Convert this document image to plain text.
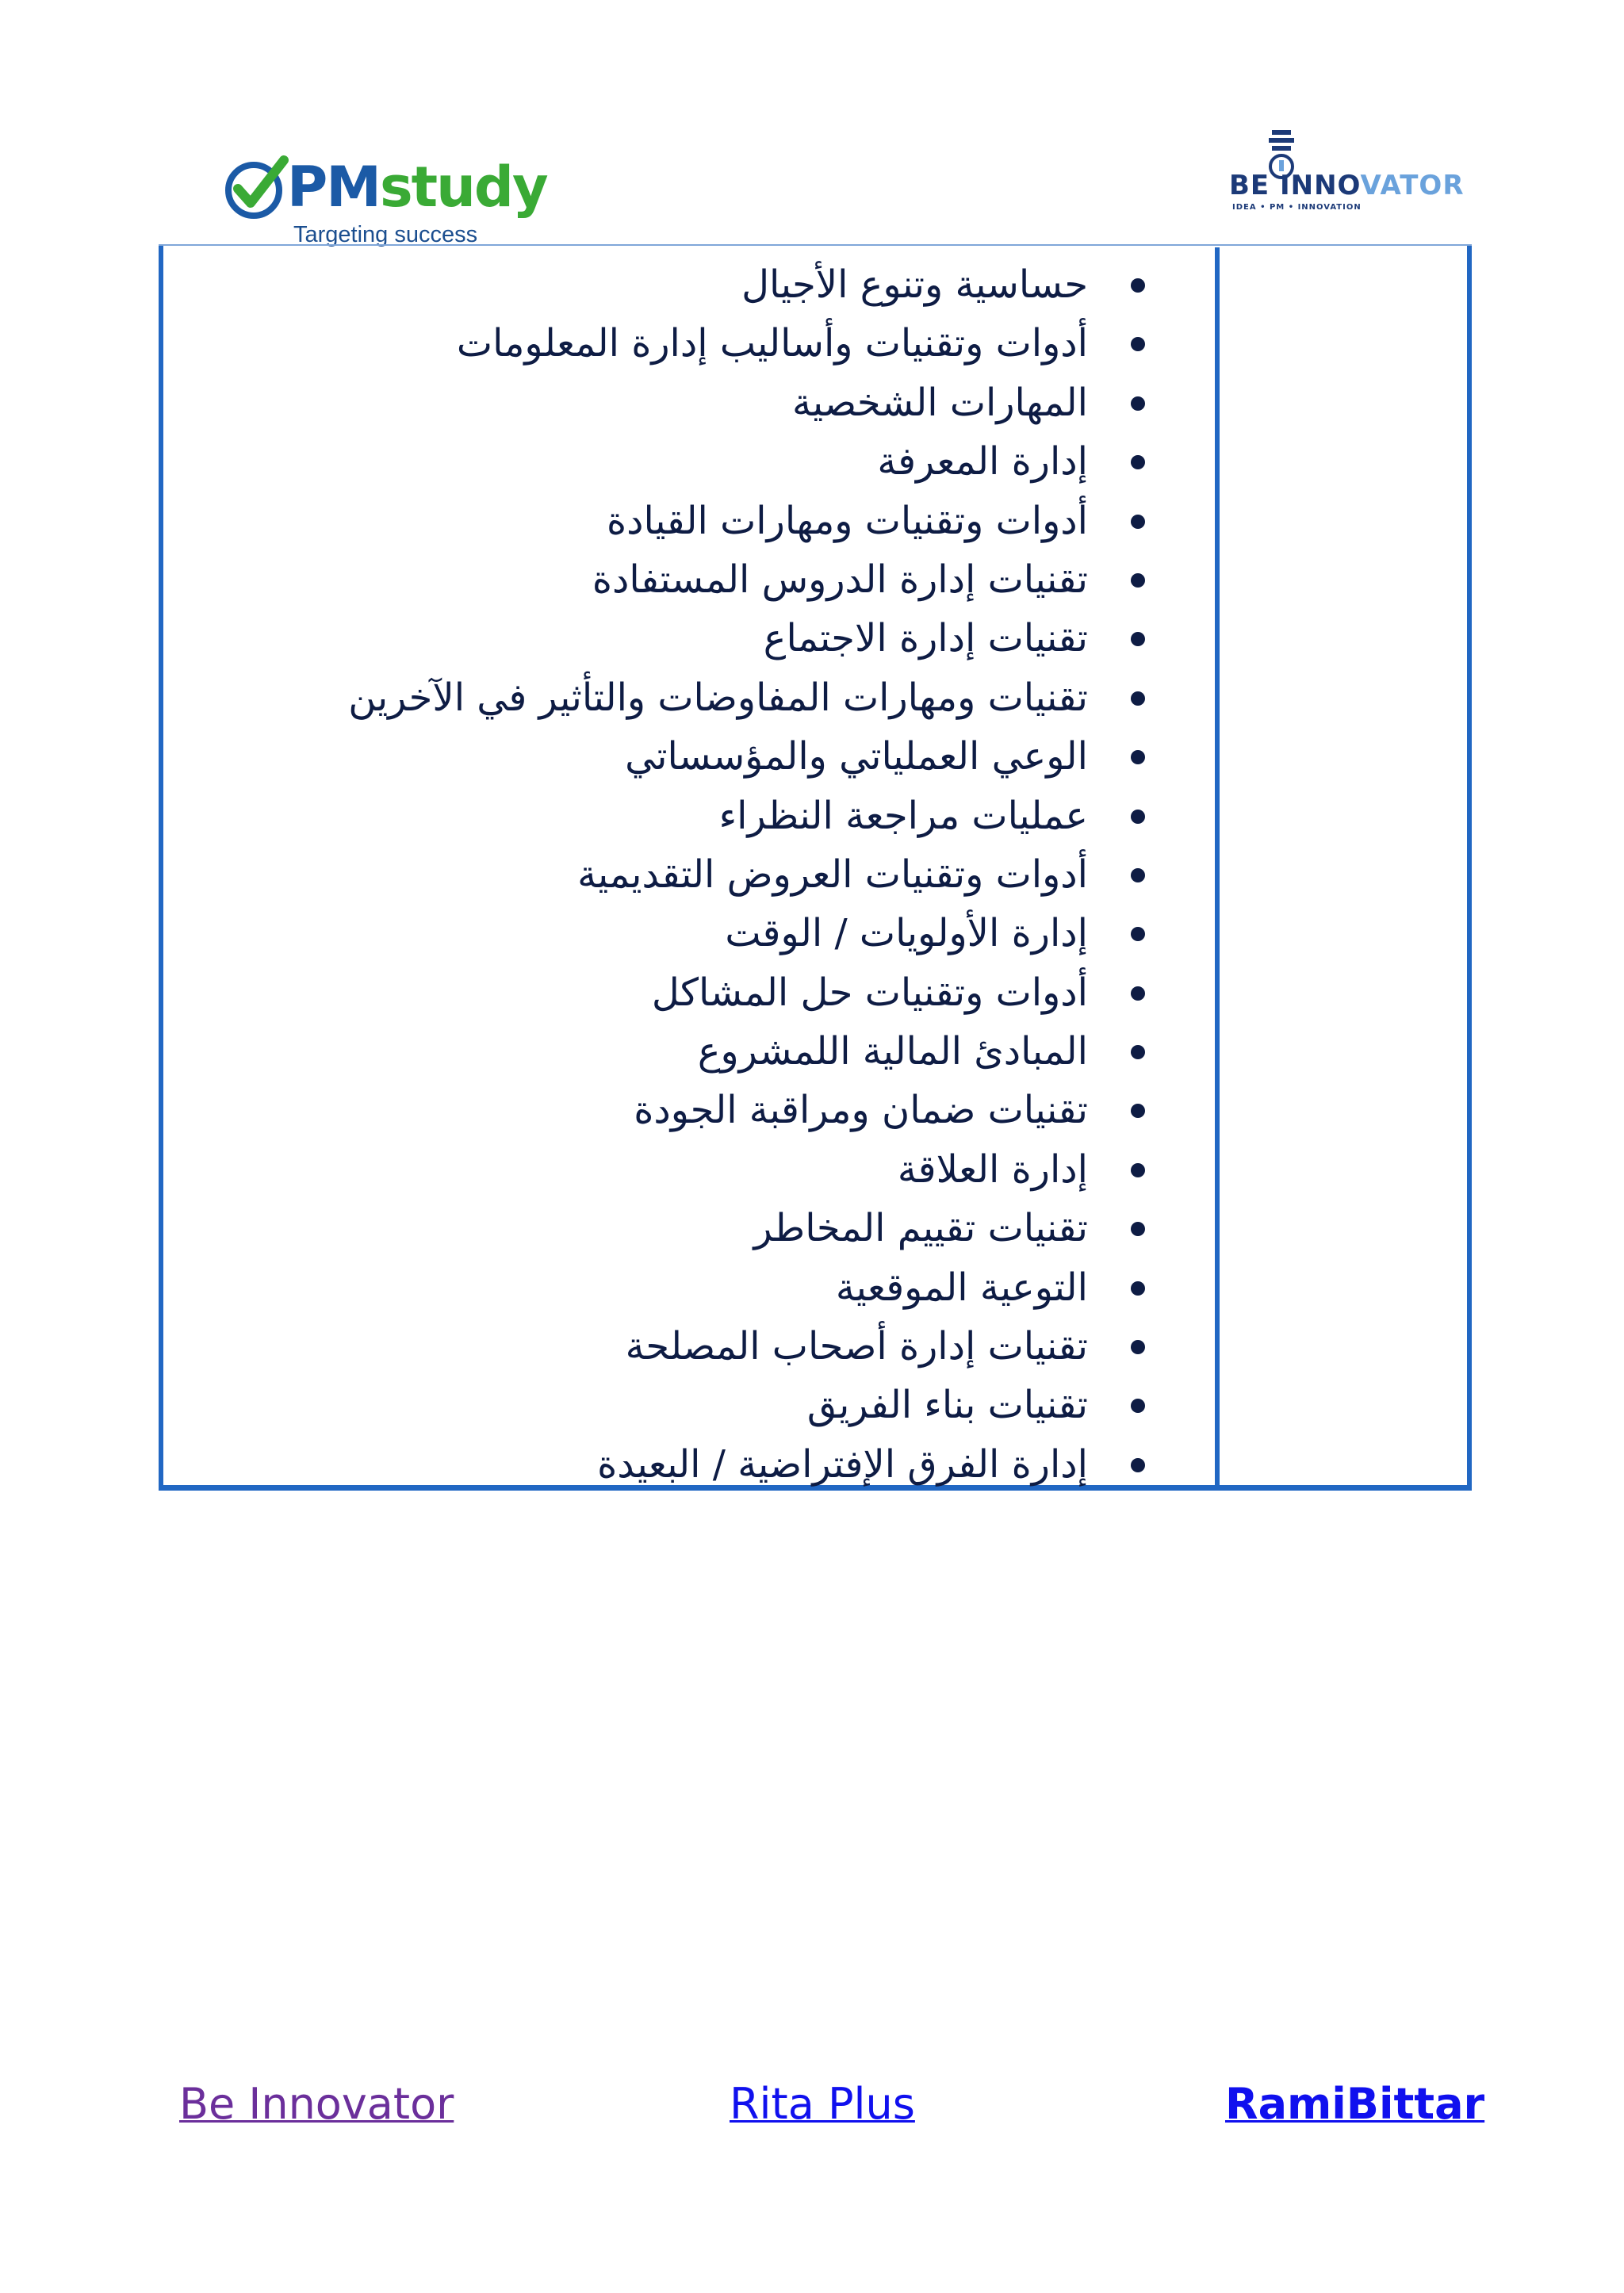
PMstudy
Targeting success
BE INNOVATOR
IDEA • PM • INNOVATION
حساسية وتنوع الأجيال
أدوات وتقنيات وأساليب إدارة المعلومات
المهارات الشخصية
إدارة المعرفة
أدوات وتقنيات ومهارات القيادة
تقنيات إدارة الدروس المستفادة
تقنيات إدارة الاجتماع
تقنيات ومهارات المفاوضات والتأثير في الآخرين
الوعي العملياتي والمؤسساتي
عمليات مراجعة النظراء
أدوات وتقنيات العروض التقديمية
إدارة الأولويات / الوقت
أدوات وتقنيات حل المشاكل
المبادئ المالية اللمشروع
تقنيات ضمان ومراقبة الجودة
إدارة العلاقة
تقنيات تقييم المخاطر
التوعية الموقعية
تقنيات إدارة أصحاب المصلحة
تقنيات بناء الفريق
إدارة الفرق الإفتراضية / البعيدة
Be Innovator	Rita Plus	RamiBittar
